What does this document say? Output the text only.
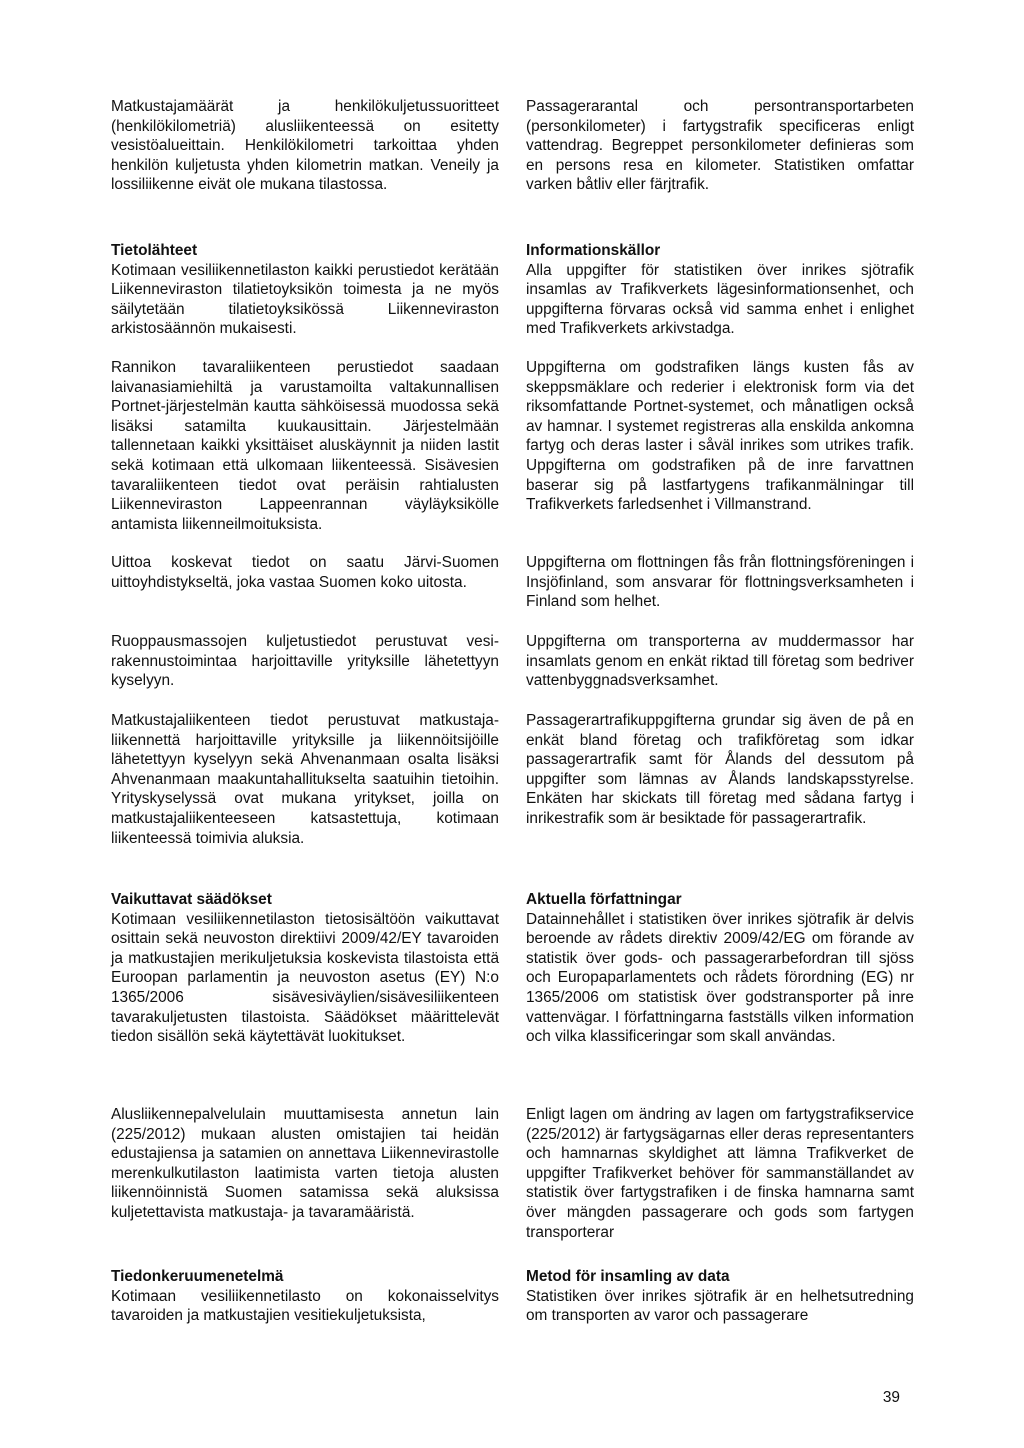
Matkustajamäärät ja henkilökuljetussuoritteet (henkilökilometriä) alusliikenteessä on esitetty vesistöalueittain. Henkilökilometri tarkoittaa yhden henkilön kuljetusta yhden kilometrin matkan. Veneily ja lossiliikenne eivät ole mukana tilastossa.

Tietolähteet

Kotimaan vesiliikennetilaston kaikki perustiedot kerätään Liikenneviraston tilatietoyksikön toimesta ja ne myös säilytetään tilatietoyksikössä Liikenneviraston arkistosäännön mukaisesti.

Rannikon tavaraliikenteen perustiedot saadaan laivanasiamiehiltä ja varustamoilta valtakunnallisen Portnet-järjestelmän kautta sähköisessä muodossa sekä lisäksi satamilta kuukausittain. Järjestelmään tallennetaan kaikki yksittäiset aluskäynnit ja niiden lastit sekä kotimaan että ulkomaan liikenteessä. Sisävesien tavaraliikenteen tiedot ovat peräisin rahtialusten Liikenneviraston Lappeenrannan väyläyksikölle antamista liikenneilmoituksista.

Uittoa koskevat tiedot on saatu Järvi-Suomen uittoyhdistykseltä, joka vastaa Suomen koko uitosta.

Ruoppausmassojen kuljetustiedot perustuvat vesirakennustoimintaa harjoittaville yrityksille lähetettyyn kyselyyn.

Matkustajaliikenteen tiedot perustuvat matkustajaliikennettä harjoittaville yrityksille ja liikennöitsijöille lähetettyyn kyselyyn sekä Ahvenanmaan osalta lisäksi Ahvenanmaan maakuntahallitukselta saatuihin tietoihin. Yrityskyselyssä ovat mukana yritykset, joilla on matkustajaliikenteeseen katsastettuja, kotimaan liikenteessä toimivia aluksia.

Vaikuttavat säädökset

Kotimaan vesiliikennetilaston tietosisältöön vaikuttavat osittain sekä neuvoston direktiivi 2009/42/EY tavaroiden ja matkustajien merikuljetuksia koskevista tilastoista että Euroopan parlamentin ja neuvoston asetus (EY) N:o 1365/2006 sisävesiväylien/sisävesiliikenteen tavarakuljetusten tilastoista. Säädökset määrittelevät tiedon sisällön sekä käytettävät luokitukset.

Alusliikennepalvelulain muuttamisesta annetun lain (225/2012) mukaan alusten omistajien tai heidän edustajiensa ja satamien on annettava Liikennevirastolle merenkulkutilaston laatimista varten tietoja alusten liikennöinnistä Suomen satamissa sekä aluksissa kuljetettavista matkustaja- ja tavaramääristä.

Tiedonkeruumenetelmä

Kotimaan vesiliikennetilasto on kokonaisselvitys tavaroiden ja matkustajien vesitiekuljetuksista,

Passagerarantal och persontransportarbeten (personkilometer) i fartygstrafik specificeras enligt vattendrag. Begreppet personkilometer definieras som en persons resa en kilometer. Statistiken omfattar varken båtliv eller färjtrafik.

Informationskällor

Alla uppgifter för statistiken över inrikes sjötrafik insamlas av Trafikverkets lägesinformationsenhet, och uppgifterna förvaras också vid samma enhet i enlighet med Trafikverkets arkivstadga.

Uppgifterna om godstrafiken längs kusten fås av skeppsmäklare och rederier i elektronisk form via det riksomfattande Portnet-systemet, och månatligen också av hamnar. I systemet registreras alla enskilda ankomna fartyg och deras laster i såväl inrikes som utrikes trafik. Uppgifterna om godstrafiken på de inre farvattnen baserar sig på lastfartygens trafikanmälningar till Trafikverkets farledsenhet i Villmanstrand.

Uppgifterna om flottningen fås från flottningsföreningen i Insjöfinland, som ansvarar för flottningsverksamheten i Finland som helhet.

Uppgifterna om transporterna av muddermassor har insamlats genom en enkät riktad till företag som bedriver vattenbyggnadsverksamhet.

Passagerartrafikuppgifterna grundar sig även de på en enkät bland företag och trafikföretag som idkar passagerartrafik samt för Ålands del dessutom på uppgifter som lämnas av Ålands landskapsstyrelse. Enkäten har skickats till företag med sådana fartyg i inrikestrafik som är besiktade för passagerartrafik.

Aktuella författningar

Datainnehållet i statistiken över inrikes sjötrafik är delvis beroende av rådets direktiv 2009/42/EG om förande av statistik över gods- och passagerarbefordran till sjöss och Europaparlamentets och rådets förordning (EG) nr 1365/2006 om statistisk över godstransporter på inre vattenvägar. I författningarna fastställs vilken information och vilka klassificeringar som skall användas.

Enligt lagen om ändring av lagen om fartygstrafikservice (225/2012) är fartygsägarnas eller deras representanters och hamnarnas skyldighet att lämna Trafikverket de uppgifter Trafikverket behöver för sammanställandet av statistik över fartygstrafiken i de finska hamnarna samt över mängden passagerare och gods som fartygen transporterar

Metod för insamling av data

Statistiken över inrikes sjötrafik är en helhetsutredning om transporten av varor och passagerare

39
